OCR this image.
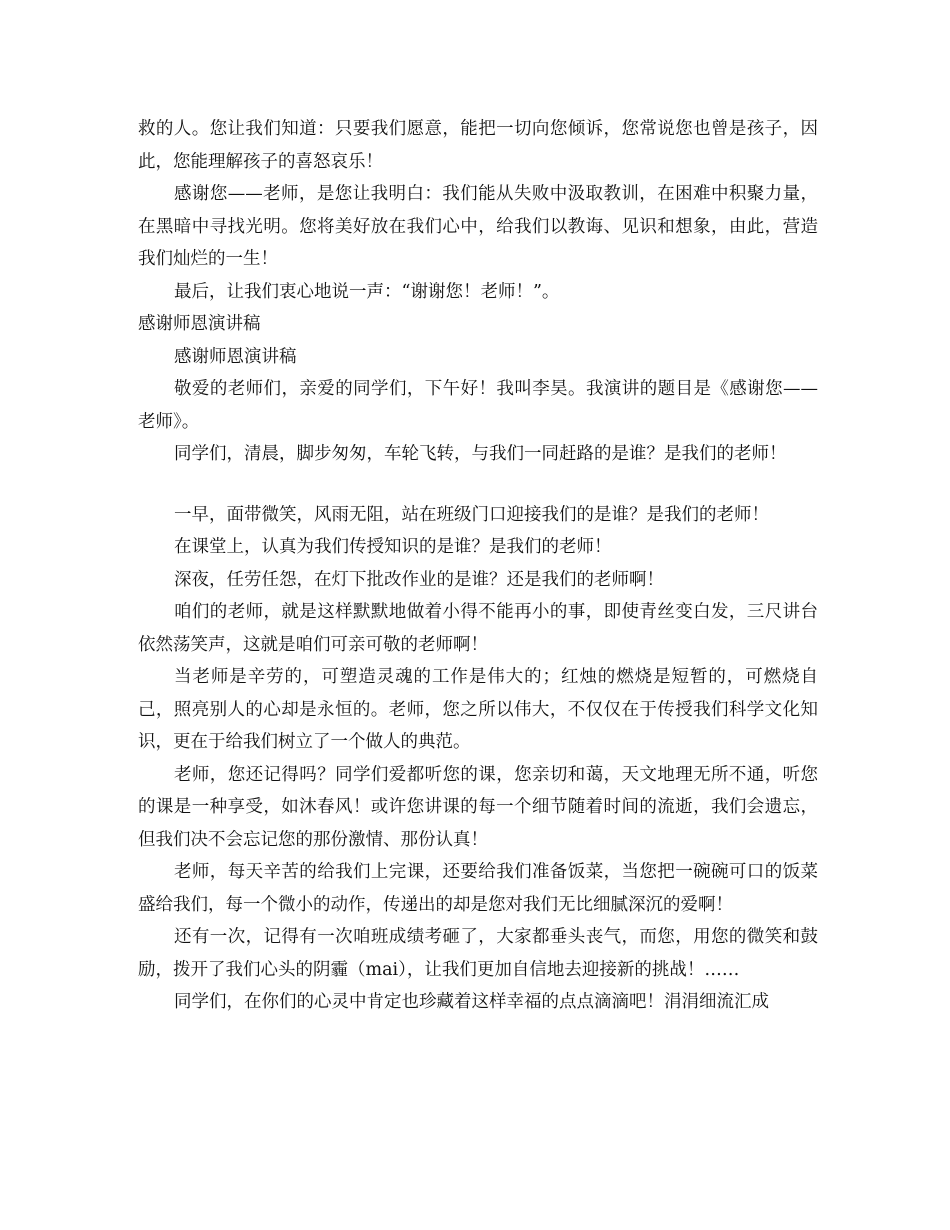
救的人。您让我们知道：只要我们愿意，能把一切向您倾诉，您常说您也曾是孩子，因此，您能理解孩子的喜怒哀乐！

感谢您——老师，是您让我明白：我们能从失败中汲取教训，在困难中积聚力量，在黑暗中寻找光明。您将美好放在我们心中，给我们以教诲、见识和想象，由此，营造我们灿烂的一生！

最后，让我们衷心地说一声：“谢谢您！老师！”。

感谢师恩演讲稿

感谢师恩演讲稿

敬爱的老师们，亲爱的同学们，下午好！我叫李昊。我演讲的题目是《感谢您——老师》。

同学们，清晨，脚步匆匆，车轮飞转，与我们一同赶路的是谁？是我们的老师！

一早，面带微笑，风雨无阻，站在班级门口迎接我们的是谁？是我们的老师！

在课堂上，认真为我们传授知识的是谁？是我们的老师！

深夜，任劳任怨，在灯下批改作业的是谁？还是我们的老师啊！

咱们的老师，就是这样默默地做着小得不能再小的事，即使青丝变白发，三尺讲台依然荡笑声，这就是咱们可亲可敬的老师啊！

当老师是辛劳的，可塑造灵魂的工作是伟大的；红烛的燃烧是短暂的，可燃烧自己，照亮别人的心却是永恒的。老师，您之所以伟大，不仅仅在于传授我们科学文化知识，更在于给我们树立了一个做人的典范。

老师，您还记得吗？同学们爱都听您的课，您亲切和蔼，天文地理无所不通，听您的课是一种享受，如沐春风！或许您讲课的每一个细节随着时间的流逝，我们会遗忘，但我们决不会忘记您的那份激情、那份认真！

老师，每天辛苦的给我们上完课，还要给我们准备饭菜，当您把一碗碗可口的饭菜盛给我们，每一个微小的动作，传递出的却是您对我们无比细腻深沉的爱啊！

还有一次，记得有一次咱班成绩考砸了，大家都垂头丧气，而您，用您的微笑和鼓励，拨开了我们心头的阴霾（mai），让我们更加自信地去迎接新的挑战！……

同学们，在你们的心灵中肯定也珍藏着这样幸福的点点滴滴吧！涓涓细流汇成
